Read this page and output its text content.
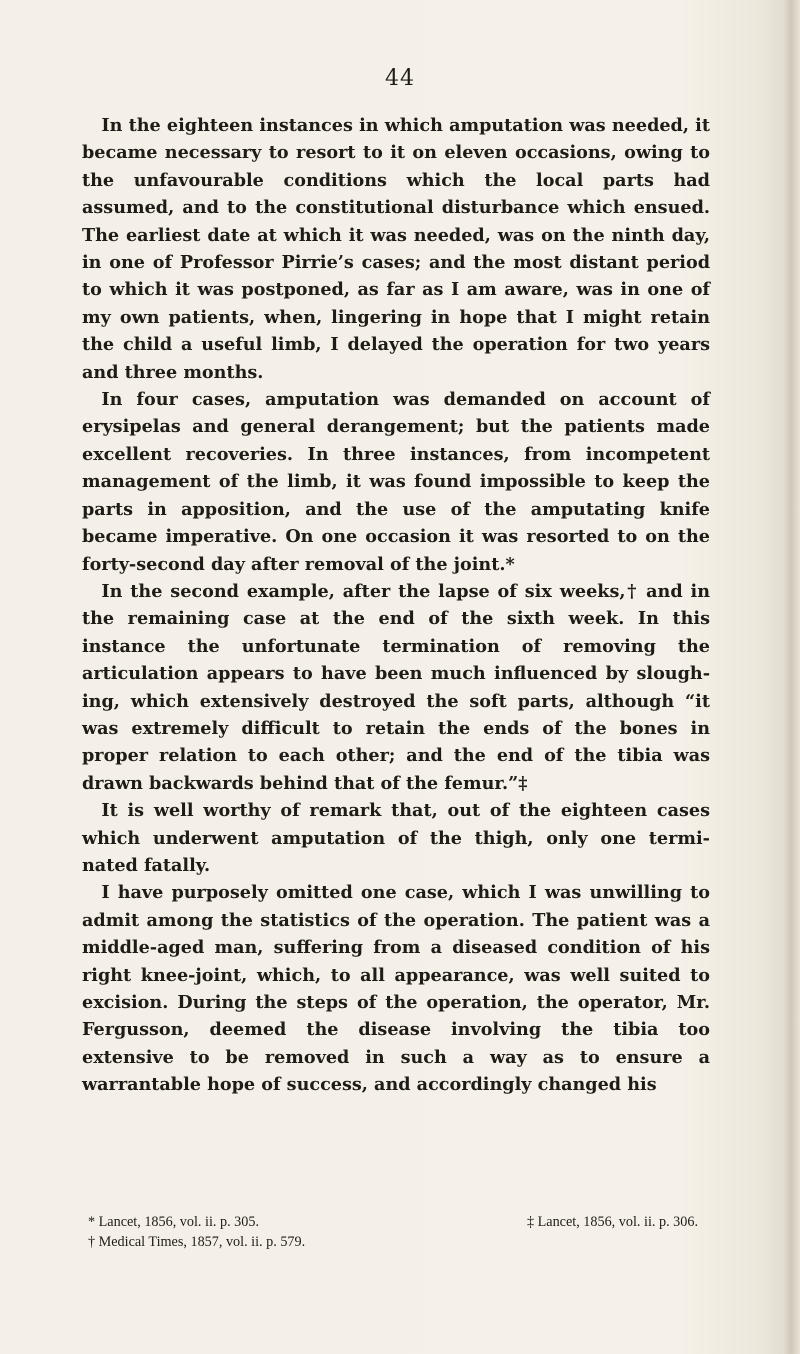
44

In the eighteen instances in which amputation was needed, it became necessary to resort to it on eleven occasions, owing to the unfavourable conditions which the local parts had assumed, and to the constitutional disturbance which ensued. The earliest date at which it was needed, was on the ninth day, in one of Professor Pirrie’s cases; and the most distant period to which it was postponed, as far as I am aware, was in one of my own patients, when, lingering in hope that I might retain the child a useful limb, I delayed the operation for two years and three months.

In four cases, amputation was demanded on account of erysipelas and general derangement; but the patients made excellent recoveries. In three instances, from incompetent management of the limb, it was found impossible to keep the parts in apposition, and the use of the amputating knife became imperative. On one occasion it was resorted to on the forty-second day after removal of the joint.*

In the second example, after the lapse of six weeks,† and in the remaining case at the end of the sixth week. In this instance the unfortunate termination of removing the articulation appears to have been much influenced by slough-ing, which extensively destroyed the soft parts, although “it was extremely difficult to retain the ends of the bones in proper relation to each other; and the end of the tibia was drawn backwards behind that of the femur.”‡

It is well worthy of remark that, out of the eighteen cases which underwent amputation of the thigh, only one termi-nated fatally.

I have purposely omitted one case, which I was unwilling to admit among the statistics of the operation. The patient was a middle-aged man, suffering from a diseased condition of his right knee-joint, which, to all appearance, was well suited to excision. During the steps of the operation, the operator, Mr. Fergusson, deemed the disease involving the tibia too extensive to be removed in such a way as to ensure a warrantable hope of success, and accordingly changed his

* Lancet, 1856, vol. ii. p. 305.	‡ Lancet, 1856, vol. ii. p. 306.
† Medical Times, 1857, vol. ii. p. 579.
